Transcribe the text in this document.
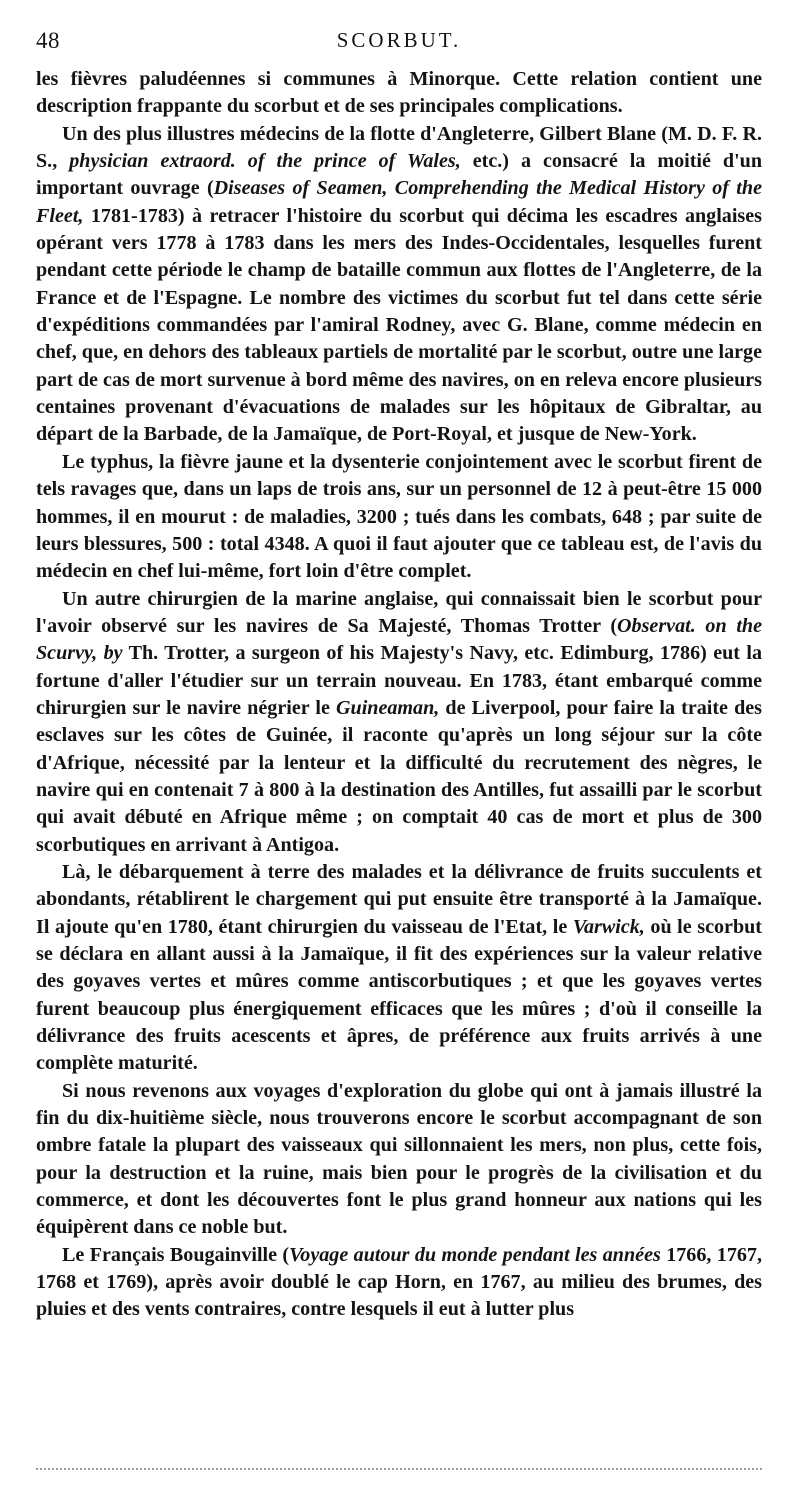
48	SCORBUT.

les fièvres paludéennes si communes à Minorque. Cette relation contient une description frappante du scorbut et de ses principales complications.

Un des plus illustres médecins de la flotte d'Angleterre, Gilbert Blane (M. D. F. R. S., physician extraord. of the prince of Wales, etc.) a consacré la moitié d'un important ouvrage (Diseases of Seamen, Comprehending the Medical History of the Fleet, 1781-1783) à retracer l'histoire du scorbut qui décima les escadres anglaises opérant vers 1778 à 1783 dans les mers des Indes-Occidentales, lesquelles furent pendant cette période le champ de bataille commun aux flottes de l'Angleterre, de la France et de l'Espagne. Le nombre des victimes du scorbut fut tel dans cette série d'expéditions commandées par l'amiral Rodney, avec G. Blane, comme médecin en chef, que, en dehors des tableaux partiels de mortalité par le scorbut, outre une large part de cas de mort survenue à bord même des navires, on en releva encore plusieurs centaines provenant d'évacuations de malades sur les hôpitaux de Gibraltar, au départ de la Barbade, de la Jamaïque, de Port-Royal, et jusque de New-York.

Le typhus, la fièvre jaune et la dysenterie conjointement avec le scorbut firent de tels ravages que, dans un laps de trois ans, sur un personnel de 12 à peut-être 15 000 hommes, il en mourut : de maladies, 3200 ; tués dans les combats, 648 ; par suite de leurs blessures, 500 : total 4348. A quoi il faut ajouter que ce tableau est, de l'avis du médecin en chef lui-même, fort loin d'être complet.

Un autre chirurgien de la marine anglaise, qui connaissait bien le scorbut pour l'avoir observé sur les navires de Sa Majesté, Thomas Trotter (Observat. on the Scurvy, by Th. Trotter, a surgeon of his Majesty's Navy, etc. Edimburg, 1786) eut la fortune d'aller l'étudier sur un terrain nouveau. En 1783, étant embarqué comme chirurgien sur le navire négrier le Guineaman, de Liverpool, pour faire la traite des esclaves sur les côtes de Guinée, il raconte qu'après un long séjour sur la côte d'Afrique, nécessité par la lenteur et la difficulté du recrutement des nègres, le navire qui en contenait 7 à 800 à la destination des Antilles, fut assailli par le scorbut qui avait débuté en Afrique même ; on comptait 40 cas de mort et plus de 300 scorbutiques en arrivant à Antigoa.

Là, le débarquement à terre des malades et la délivrance de fruits succulents et abondants, rétablirent le chargement qui put ensuite être transporté à la Jamaïque. Il ajoute qu'en 1780, étant chirurgien du vaisseau de l'Etat, le Varwick, où le scorbut se déclara en allant aussi à la Jamaïque, il fit des expériences sur la valeur relative des goyaves vertes et mûres comme antiscorbutiques ; et que les goyaves vertes furent beaucoup plus énergiquement efficaces que les mûres ; d'où il conseille la délivrance des fruits acescents et âpres, de préférence aux fruits arrivés à une complète maturité.

Si nous revenons aux voyages d'exploration du globe qui ont à jamais illustré la fin du dix-huitième siècle, nous trouverons encore le scorbut accompagnant de son ombre fatale la plupart des vaisseaux qui sillonnaient les mers, non plus, cette fois, pour la destruction et la ruine, mais bien pour le progrès de la civilisation et du commerce, et dont les découvertes font le plus grand honneur aux nations qui les équipèrent dans ce noble but.

Le Français Bougainville (Voyage autour du monde pendant les années 1766, 1767, 1768 et 1769), après avoir doublé le cap Horn, en 1767, au milieu des brumes, des pluies et des vents contraires, contre lesquels il eut à lutter plus
